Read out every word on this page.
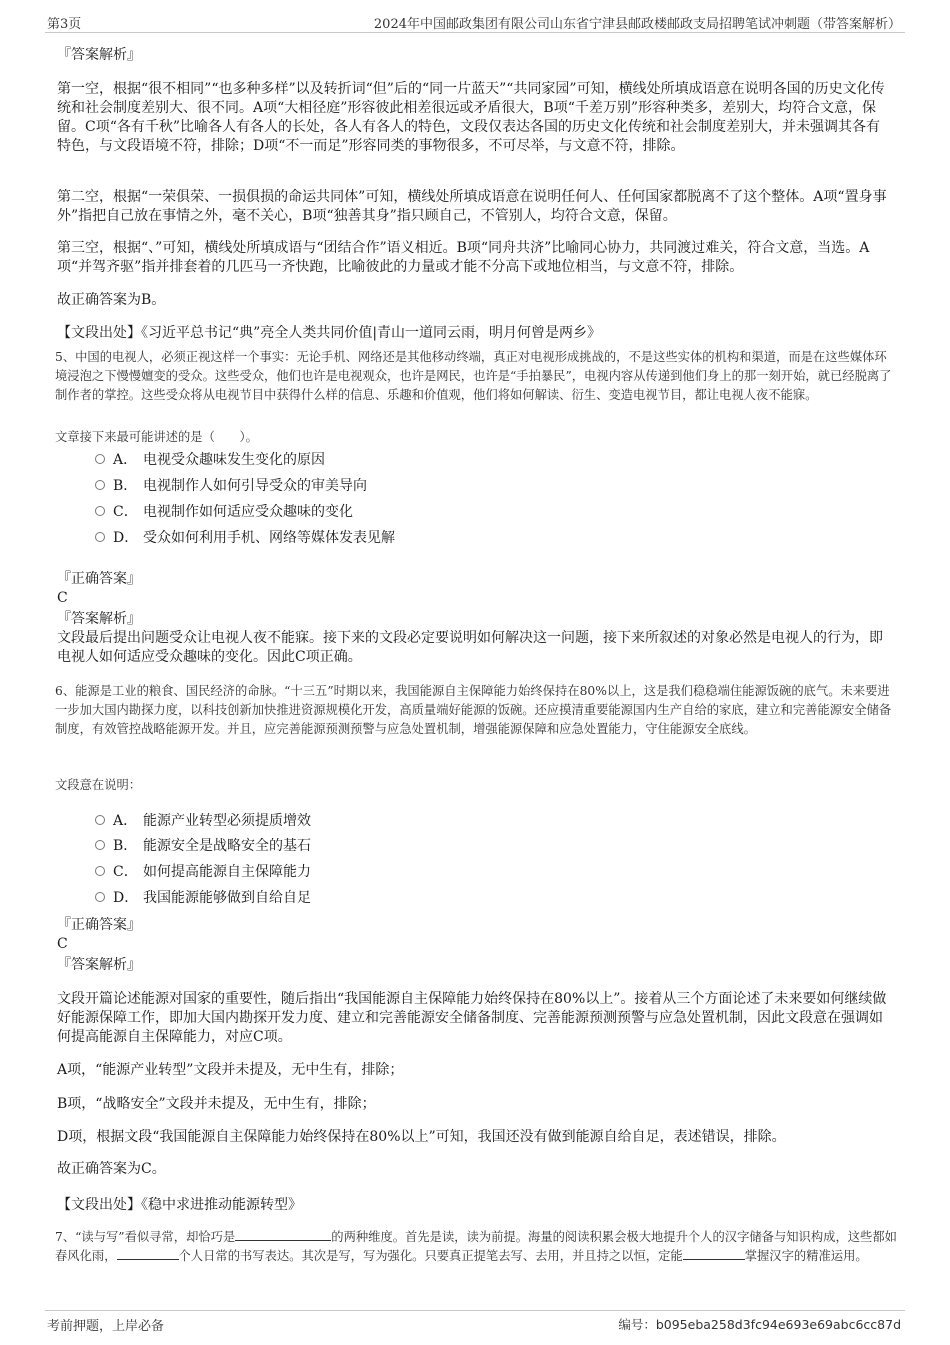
第3页	2024年中国邮政集团有限公司山东省宁津县邮政楼邮政支局招聘笔试冲刺题（带答案解析）

『答案解析』

第一空，根据“很不相同”“也多种多样”以及转折词“但”后的“同一片蓝天”“共同家园”可知，横线处所填成语意在说明各国的历史文化传统和社会制度差别大、很不同。A项“大相径庭”形容彼此相差很远或矛盾很大，B项“千差万别”形容种类多，差别大，均符合文意，保留。C项“各有千秋”比喻各人有各人的长处，各人有各人的特色，文段仅表达各国的历史文化传统和社会制度差别大，并未强调其各有特色，与文段语境不符，排除；D项“不一而足”形容同类的事物很多，不可尽举，与文意不符，排除。

第二空，根据“一荣俱荣、一损俱损的命运共同体”可知，横线处所填成语意在说明任何人、任何国家都脱离不了这个整体。A项“置身事外”指把自己放在事情之外，毫不关心，B项“独善其身”指只顾自己，不管别人，均符合文意，保留。

第三空，根据“、”可知，横线处所填成语与“团结合作”语义相近。B项“同舟共济”比喻同心协力，共同渡过难关，符合文意，当选。A项“并驾齐驱”指并排套着的几匹马一齐快跑，比喻彼此的力量或才能不分高下或地位相当，与文意不符，排除。

故正确答案为B。

【文段出处】《习近平总书记“典”亮全人类共同价值|青山一道同云雨，明月何曾是两乡》

5、中国的电视人，必须正视这样一个事实：无论手机、网络还是其他移动终端，真正对电视形成挑战的，不是这些实体的机构和渠道，而是在这些媒体环境浸泡之下慢慢嬗变的受众。这些受众，他们也许是电视观众，也许是网民，也许是“手拍暴民”，电视内容从传递到他们身上的那一刻开始，就已经脱离了制作者的掌控。这些受众将从电视节目中获得什么样的信息、乐趣和价值观，他们将如何解读、衍生、变造电视节目，都让电视人夜不能寐。

文章接下来最可能讲述的是（　　）。

A． 电视受众趣味发生变化的原因
B． 电视制作人如何引导受众的审美导向
C． 电视制作如何适应受众趣味的变化
D． 受众如何利用手机、网络等媒体发表见解

『正确答案』

C

『答案解析』

文段最后提出问题受众让电视人夜不能寐。接下来的文段必定要说明如何解决这一问题，接下来所叙述的对象必然是电视人的行为，即电视人如何适应受众趣味的变化。因此C项正确。

6、能源是工业的粮食、国民经济的命脉。“十三五”时期以来，我国能源自主保障能力始终保持在80%以上，这是我们稳稳端住能源饭碗的底气。未来要进一步加大国内勘探力度，以科技创新加快推进资源规模化开发，高质量端好能源的饭碗。还应摸清重要能源国内生产自给的家底，建立和完善能源安全储备制度，有效管控战略能源开发。并且，应完善能源预测预警与应急处置机制，增强能源保障和应急处置能力，守住能源安全底线。

文段意在说明：

A． 能源产业转型必须提质增效
B． 能源安全是战略安全的基石
C． 如何提高能源自主保障能力
D． 我国能源能够做到自给自足

『正确答案』

C

『答案解析』

文段开篇论述能源对国家的重要性，随后指出“我国能源自主保障能力始终保持在80%以上”。接着从三个方面论述了未来要如何继续做好能源保障工作，即加大国内勘探开发力度、建立和完善能源安全储备制度、完善能源预测预警与应急处置机制，因此文段意在强调如何提高能源自主保障能力，对应C项。

A项，“能源产业转型”文段并未提及，无中生有，排除；

B项，“战略安全”文段并未提及，无中生有，排除；

D项，根据文段“我国能源自主保障能力始终保持在80%以上”可知，我国还没有做到能源自给自足，表述错误，排除。

故正确答案为C。

【文段出处】《稳中求进推动能源转型》

7、“读与写”看似寻常，却恰巧是	的两种维度。首先是读，读为前提。海量的阅读积累会极大地提升个人的汉字储备与知识构成，这些都如春风化雨，	个人日常的书写表达。其次是写，写为强化。只要真正提笔去写、去用，并且持之以恒，定能	掌握汉字的精准运用。

考前押题，上岸必备	编号：b095eba258d3fc94e693e69abc6cc87d
